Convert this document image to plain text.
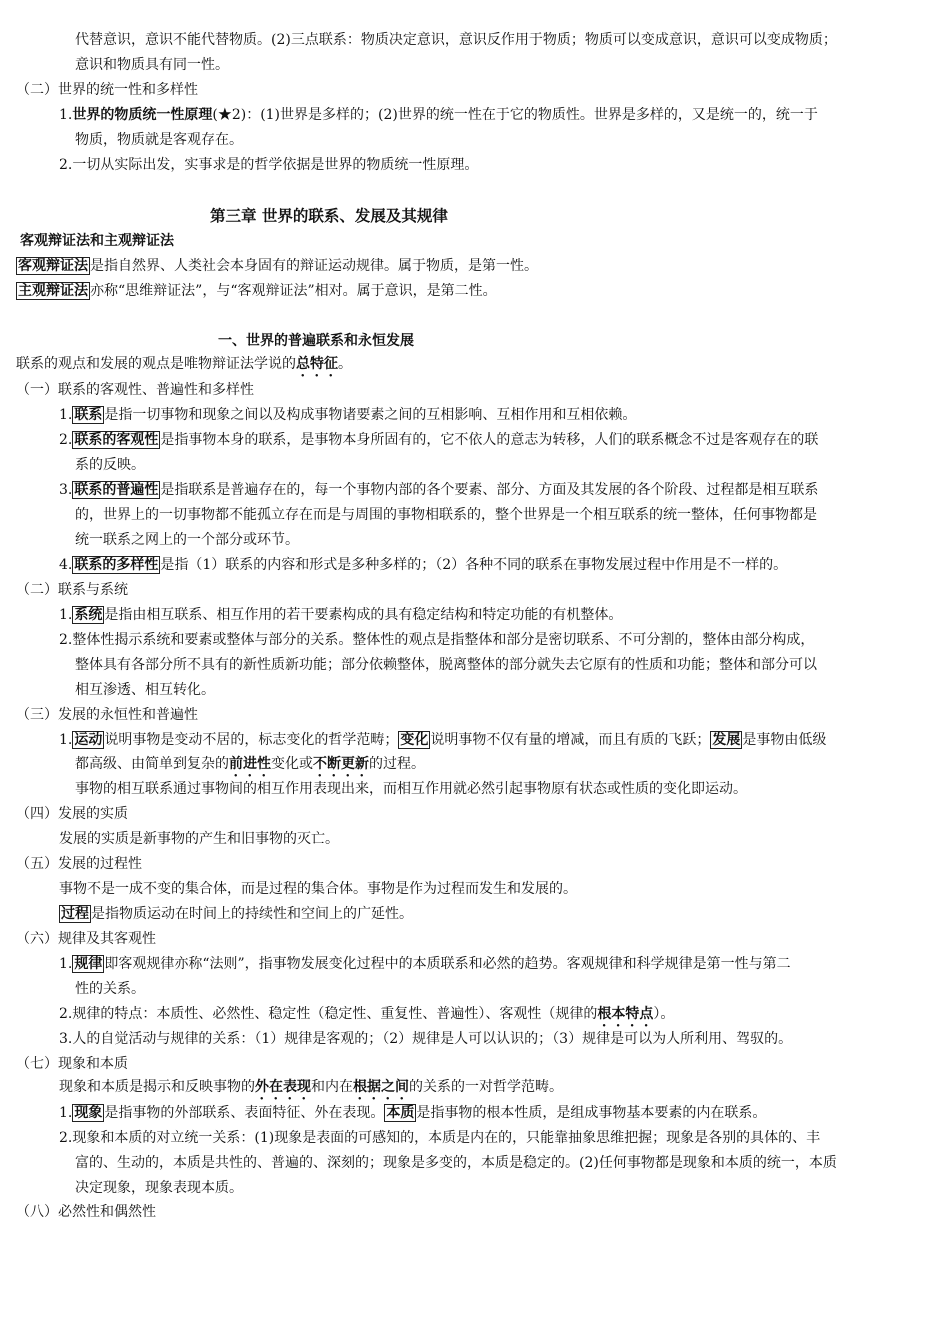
代替意识，意识不能代替物质。(2)三点联系：物质决定意识，意识反作用于物质；物质可以变成意识，意识可以变成物质；
意识和物质具有同一性。
（二）世界的统一性和多样性
1.世界的物质统一性原理(★2)：(1)世界是多样的；(2)世界的统一性在于它的物质性。世界是多样的，又是统一的，统一于
物质，物质就是客观存在。
2.一切从实际出发，实事求是的哲学依据是世界的物质统一性原理。
第三章 世界的联系、发展及其规律
客观辩证法和主观辩证法
客观辩证法 是指自然界、人类社会本身固有的辩证运动规律。属于物质，是第一性。
主观辩证法 亦称“思维辩证法”，与“客观辩证法”相对。属于意识，是第二性。
一、世界的普遍联系和永恒发展
联系的观点和发展的观点是唯物辩证法学说的总特征。
（一）联系的客观性、普遍性和多样性
1. 联系 是指一切事物和现象之间以及构成事物诸要素之间的互相影响、互相作用和互相依赖。
2. 联系的客观性 是指事物本身的联系，是事物本身所固有的，它不依人的意志为转移，人们的联系概念不过是客观存在的联
系的反映。
3. 联系的普遍性 是指联系是普遍存在的，每一个事物内部的各个要素、部分、方面及其发展的各个阶段、过程都是相互联系
的，世界上的一切事物都不能孤立存在而是与周围的事物相联系的，整个世界是一个相互联系的统一整体，任何事物都是
统一联系之网上的一个部分或环节。
4. 联系的多样性 是指（1）联系的内容和形式是多种多样的；（2）各种不同的联系在事物发展过程中作用是不一样的。
（二）联系与系统
1. 系统 是指由相互联系、相互作用的若干要素构成的具有稳定结构和特定功能的有机整体。
2.整体性揭示系统和要素或整体与部分的关系。整体性的观点是指整体和部分是密切联系、不可分割的，整体由部分构成，
整体具有各部分所不具有的新性质新功能；部分依赖整体，脱离整体的部分就失去它原有的性质和功能；整体和部分可以
相互渗透、相互转化。
（三）发展的永恒性和普遍性
1. 运动 说明事物是变动不居的，标志变化的哲学范畴； 变化 说明事物不仅有量的增减，而且有质的飞跃； 发展 是事物由低级
都高级、由简单到复杂的前进性变化或不断更新的过程。
事物的相互联系通过事物间的相互作用表现出来，而相互作用就必然引起事物原有状态或性质的变化即运动。
（四）发展的实质
发展的实质是新事物的产生和旧事物的灭亡。
（五）发展的过程性
事物不是一成不变的集合体，而是过程的集合体。事物是作为过程而发生和发展的。
过程 是指物质运动在时间上的持续性和空间上的广延性。
（六）规律及其客观性
1. 规律 即客观规律亦称“法则”，指事物发展变化过程中的本质联系和必然的趋势。客观规律和科学规律是第一性与第二
性的关系。
2.规律的特点：本质性、必然性、稳定性（稳定性、重复性、普遍性）、客观性（规律的根本特点）。
3.人的自觉活动与规律的关系：（1）规律是客观的；（2）规律是人可以认识的；（3）规律是可以为人所利用、驾驭的。
（七）现象和本质
现象和本质是揭示和反映事物的外在表现和内在根据之间的关系的一对哲学范畴。
1. 现象 是指事物的外部联系、表面特征、外在表现。 本质 是指事物的根本性质，是组成事物基本要素的内在联系。
2.现象和本质的对立统一关系：(1)现象是表面的可感知的，本质是内在的，只能靠抽象思维把握；现象是各别的具体的、丰
富的、生动的，本质是共性的、普遍的、深刻的；现象是多变的，本质是稳定的。(2)任何事物都是现象和本质的统一，本质
决定现象，现象表现本质。
（八）必然性和偶然性
